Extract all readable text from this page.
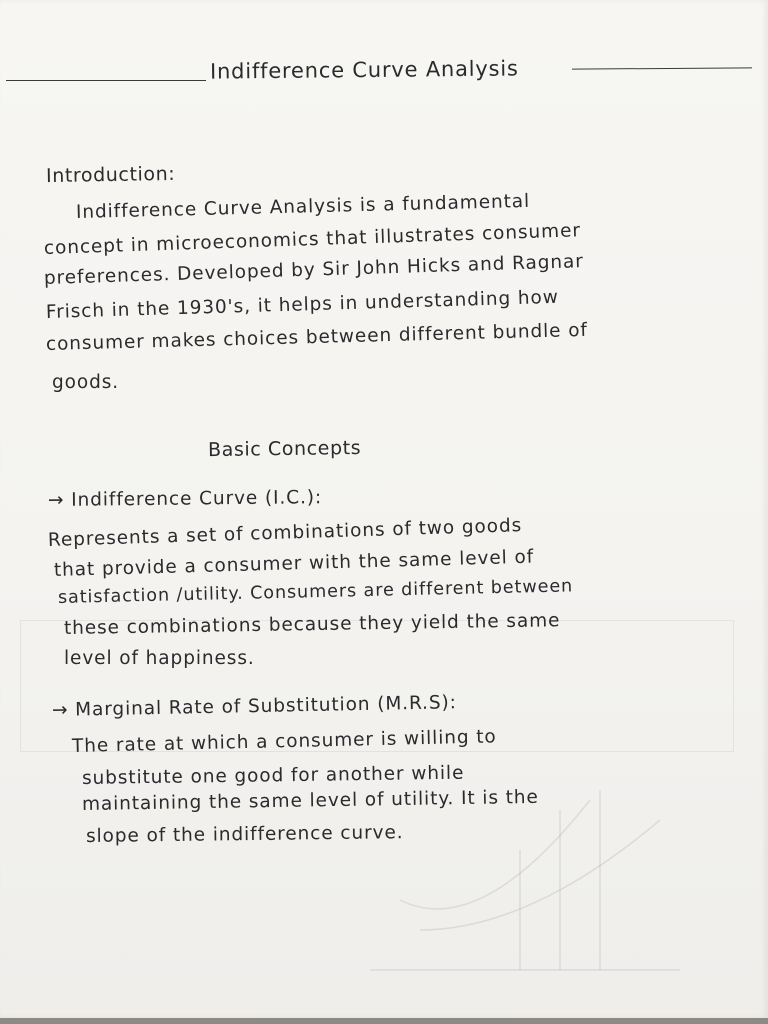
Indifference Curve Analysis
Introduction:
Indifference Curve Analysis is a fundamental
concept in microeconomics that illustrates consumer
preferences. Developed by Sir John Hicks and Ragnar
Frisch in the 1930's, it helps in understanding how
consumer makes choices between different bundle of
goods.
Basic Concepts
→ Indifference Curve (I.C.):
Represents a set of combinations of two goods
that provide a consumer with the same level of
satisfaction /utility. Consumers are different between
these combinations because they yield the same
level of happiness.
→ Marginal Rate of Substitution (M.R.S):
The rate at which a consumer is willing to
substitute one good for another while
maintaining the same level of utility. It is the
slope of the indifference curve.
